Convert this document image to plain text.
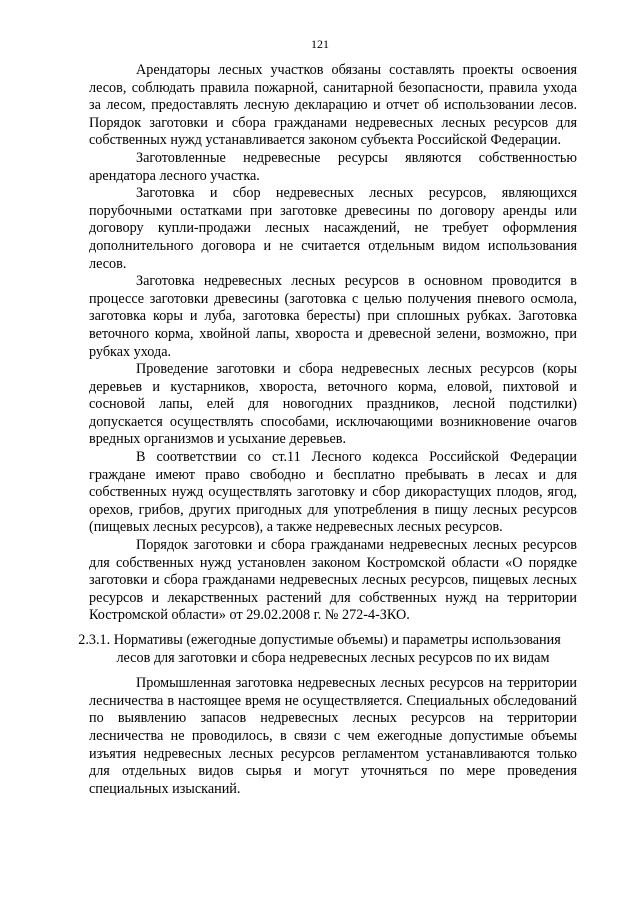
121

Арендаторы лесных участков обязаны составлять проекты освоения лесов, соблюдать правила пожарной, санитарной безопасности, правила ухода за лесом, предоставлять лесную декларацию и отчет об использовании лесов. Порядок заготовки и сбора гражданами недревесных лесных ресурсов для собственных нужд устанавливается законом субъекта Российской Федерации.

Заготовленные недревесные ресурсы являются собственностью арендатора лесного участка.

Заготовка и сбор недревесных лесных ресурсов, являющихся порубочными остатками при заготовке древесины по договору аренды или договору купли-продажи лесных насаждений, не требует оформления дополнительного договора и не считается отдельным видом использования лесов.

Заготовка недревесных лесных ресурсов в основном проводится в процессе заготовки древесины (заготовка с целью получения пневого осмола, заготовка коры и луба, заготовка бересты) при сплошных рубках. Заготовка веточного корма, хвойной лапы, хвороста и древесной зелени, возможно, при рубках ухода.

Проведение заготовки и сбора недревесных лесных ресурсов (коры деревьев и кустарников, хвороста, веточного корма, еловой, пихтовой и сосновой лапы, елей для новогодних праздников, лесной подстилки) допускается осуществлять способами, исключающими возникновение очагов вредных организмов и усыхание деревьев.

В соответствии со ст.11 Лесного кодекса Российской Федерации граждане имеют право свободно и бесплатно пребывать в лесах и для собственных нужд осуществлять заготовку и сбор дикорастущих плодов, ягод, орехов, грибов, других пригодных для употребления в пищу лесных ресурсов (пищевых лесных ресурсов), а также недревесных лесных ресурсов.

Порядок заготовки и сбора гражданами недревесных лесных ресурсов для собственных нужд установлен законом Костромской области «О порядке заготовки и сбора гражданами недревесных лесных ресурсов, пищевых лесных ресурсов и лекарственных растений для собственных нужд на территории Костромской области» от 29.02.2008 г. № 272-4-ЗКО.

2.3.1. Нормативы (ежегодные допустимые объемы) и параметры использования лесов для заготовки и сбора недревесных лесных ресурсов по их видам

Промышленная заготовка недревесных лесных ресурсов на территории лесничества в настоящее время не осуществляется. Специальных обследований по выявлению запасов недревесных лесных ресурсов на территории лесничества не проводилось, в связи с чем ежегодные допустимые объемы изъятия недревесных лесных ресурсов регламентом устанавливаются только для отдельных видов сырья и могут уточняться по мере проведения специальных изысканий.
